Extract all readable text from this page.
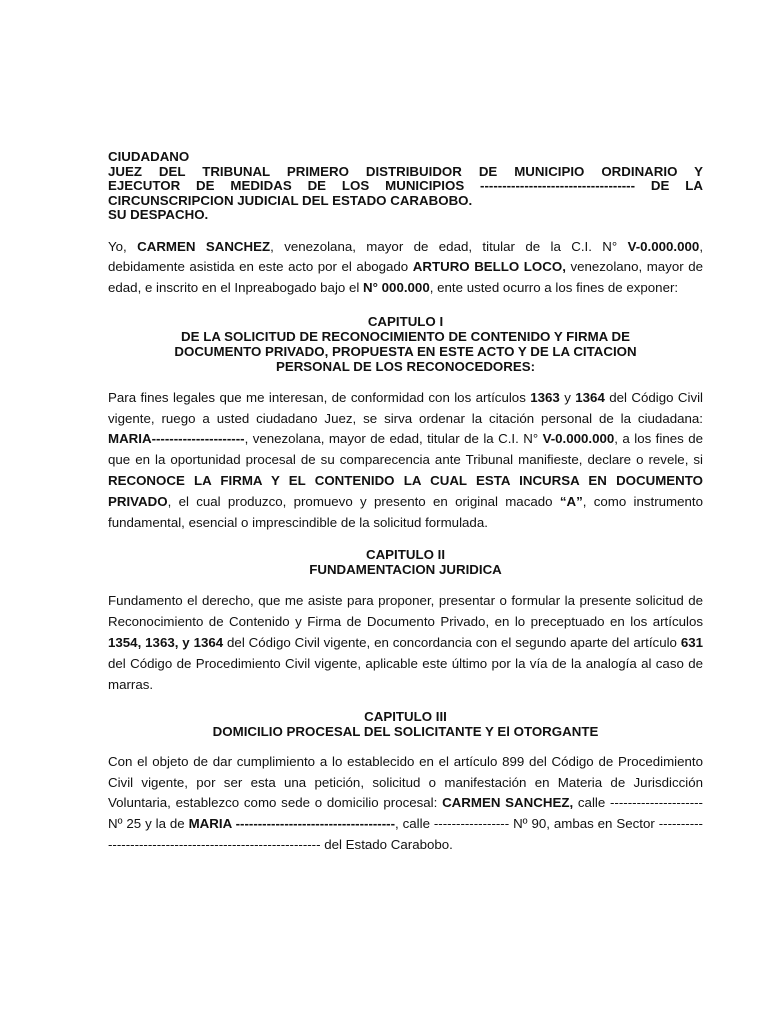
CIUDADANO
JUEZ DEL TRIBUNAL PRIMERO DISTRIBUIDOR DE MUNICIPIO ORDINARIO Y
EJECUTOR DE MEDIDAS DE LOS MUNICIPIOS ----------------------------------- DE LA
CIRCUNSCRIPCION JUDICIAL DEL ESTADO CARABOBO.
SU DESPACHO.

Yo, CARMEN SANCHEZ, venezolana, mayor de edad, titular de la C.I. N° V-0.000.000, debidamente asistida en este acto por el abogado ARTURO BELLO LOCO, venezolano, mayor de edad, e inscrito en el Inpreabogado bajo el N° 000.000, ente usted ocurro a los fines de exponer:

CAPITULO I
DE LA SOLICITUD DE RECONOCIMIENTO DE CONTENIDO Y FIRMA DE
DOCUMENTO PRIVADO, PROPUESTA EN ESTE ACTO Y DE LA CITACION
PERSONAL DE LOS RECONOCEDORES:

Para fines legales que me interesan, de conformidad con los artículos 1363 y 1364 del Código Civil vigente, ruego a usted ciudadano Juez, se sirva ordenar la citación personal de la ciudadana: MARIA---------------------, venezolana, mayor de edad, titular de la C.I. N° V-0.000.000, a los fines de que en la oportunidad procesal de su comparecencia ante Tribunal manifieste, declare o revele, si RECONOCE LA FIRMA Y EL CONTENIDO LA CUAL ESTA INCURSA EN DOCUMENTO PRIVADO, el cual produzco, promuevo y presento en original macado “A”, como instrumento fundamental, esencial o imprescindible de la solicitud formulada.

CAPITULO II
FUNDAMENTACION JURIDICA

Fundamento el derecho, que me asiste para proponer, presentar o formular la presente solicitud de Reconocimiento de Contenido y Firma de Documento Privado, en lo preceptuado en los artículos 1354, 1363, y 1364 del Código Civil vigente, en concordancia con el segundo aparte del artículo 631 del Código de Procedimiento Civil vigente, aplicable este último por la vía de la analogía al caso de marras.

CAPITULO III
DOMICILIO PROCESAL DEL SOLICITANTE Y El OTORGANTE

Con el objeto de dar cumplimiento a lo establecido en el artículo 899 del Código de Procedimiento Civil vigente, por ser esta una petición, solicitud o manifestación en Materia de Jurisdicción Voluntaria, establezco como sede o domicilio procesal: CARMEN SANCHEZ, calle --------------------- Nº 25 y la de MARIA ------------------------------------, calle ----------------- Nº 90, ambas en Sector ---------------------------------------------------------- del Estado Carabobo.
